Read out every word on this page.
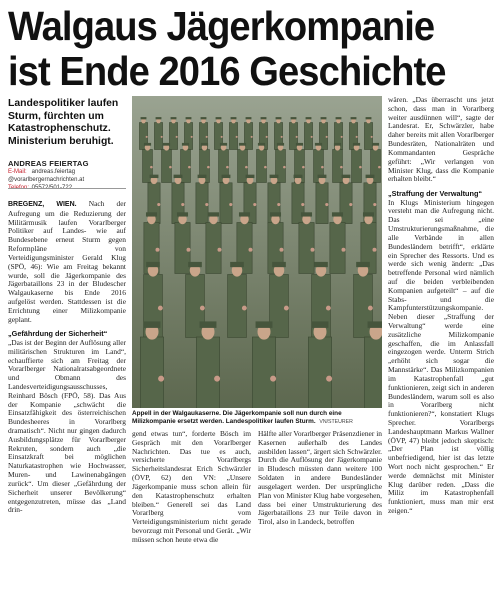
Walgaus Jägerkompanie
ist Ende 2016 Geschichte
Landespolitiker laufen Sturm, fürchten um Katastrophenschutz. Ministerium beruhigt.
ANDREAS FEIERTAG
E-Mail: andreas.feiertag @vorarlbergernachrichten.at

BREGENZ, WIEN. Nach der Aufregung um die Reduzierung der Militärmusik laufen Vorarlberger Politiker auf Landes- wie auf Bundesebene erneut Sturm gegen Reformpläne von Verteidigungsminister Gerald Klug (SPÖ, 46): Wie am Freitag bekannt wurde, soll die Jägerkompanie des Jägerbataillons 23 in der Bludescher Walgaukaserne bis Ende 2016 aufgelöst werden. Stattdessen ist die Errichtung einer Milizkompanie geplant.

„Gefährdung der Sicherheit“

„Das ist der Beginn der Auflösung aller militärischen Strukturen im Land“, echauffierte sich am Freitag der Vorarlberger Nationalratsabgeordnete und Obmann des Landesverteidigungsausschusses, Reinhard Bösch (FPÖ, 58). Das Aus der Kompanie „schwächt die Einsatzfähigkeit des österreichischen Bundesheeres in Vorarlberg dramatisch“. Nicht nur gingen dadurch Ausbildungsplätze für Vorarlberger Rekruten, sondern auch „die Einsatzkraft bei möglichen Naturkatastrophen wie Hochwasser, Muren- und Lawinenabgängen zurück“. Um dieser „Gefährdung der Sicherheit unserer Bevölkerung“ entgegenzutreten, müsse das „Land drin-

Appell in der Walgaukaserne. Die Jägerkompanie soll nun durch eine Milizkompanie ersetzt werden. Landespolitiker laufen Sturm. VN/STEURER

gend etwas tun“, forderte Bösch im Gespräch mit den Vorarlberger Nachrichten. Das tue es auch, versicherte Vorarlbergs Sicherheitslandesrat Erich Schwärzler (ÖVP, 62) den VN: „Unsere Jägerkompanie muss schon allein für den Katastrophenschutz erhalten bleiben.“ Generell sei das Land Vorarlberg vom Verteidigungsministerium nicht gerade bevorzugt mit Personal und Gerät. „Wir müssen schon heute etwa die

Hälfte aller Vorarlberger Präsenzdiener in Kasernen außerhalb des Landes ausbilden lassen“, ärgert sich Schwärzler. Durch die Auflösung der Jägerkompanie in Bludesch müssten dann weitere 100 Soldaten in andere Bundesländer ausgelagert werden. Der ursprüngliche Plan von Minister Klug habe vorgesehen, dass bei einer Umstrukturierung des Jägerbataillons 23 nur Teile davon in Tirol, also in Landeck, betroffen

wären. „Das überrascht uns jetzt schon, dass man in Vorarlberg weiter ausdünnen will“, sagte der Landesrat. Er, Schwärzler, habe daher bereits mit allen Vorarlberger Bundesräten, Nationalräten und Kommandanten Gespräche geführt: „Wir verlangen von Minister Klug, dass die Kompanie erhalten bleibt.“

„Straffung der Verwaltung“

In Klugs Ministerium hingegen versteht man die Aufregung nicht. Das sei „eine Umstrukturierungsmaßnahme, die alle Verbände in allen Bundesländern betrifft“, erklärte ein Sprecher des Ressorts. Und es werde sich wenig ändern: „Das betreffende Personal wird nämlich auf die beiden verbleibenden Kompanien aufgeteilt“ – auf die Stabs- und die Kampfunterstützungskompanie. Neben dieser „Straffung der Verwaltung“ werde eine zusätzliche Milizkompanie geschaffen, die im Anlassfall eingezogen werde. Unterm Strich „erhöht sich sogar die Mannstärke“. Das Milizkompanien im Katastrophenfall „gut funktionieren, zeigt sich in anderen Bundesländern, warum soll es also in Vorarlberg nicht funktionieren?“, konstatiert Klugs Sprecher. Vorarlbergs Landeshauptmann Markus Wallner (ÖVP, 47) bleibt jedoch skeptisch: „Der Plan ist völlig unbefriedigend, hier ist das letzte Wort noch nicht gesprochen.“ Er werde demnächst mit Minister Klug darüber reden. „Dass die Miliz im Katastrophenfall funktioniert, muss man mir erst zeigen.“
